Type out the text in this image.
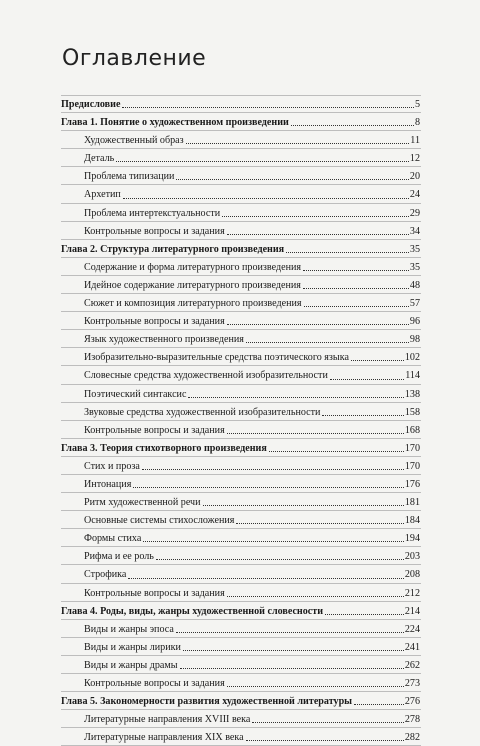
Оглавление
Предисловие	5
Глава 1. Понятие о художественном произведении	8
Художественный образ	11
Деталь	12
Проблема типизации	20
Архетип	24
Проблема интертекстуальности	29
Контрольные вопросы и задания	34
Глава 2. Структура литературного произведения	35
Содержание и форма литературного произведения	35
Идейное содержание литературного произведения	48
Сюжет и композиция литературного произведения	57
Контрольные вопросы и задания	96
Язык художественного произведения	98
Изобразительно-выразительные средства поэтического языка	102
Словесные средства художественной изобразительности	114
Поэтический синтаксис	138
Звуковые средства художественной изобразительности	158
Контрольные вопросы и задания	168
Глава 3. Теория стихотворного произведения	170
Стих и проза	170
Интонация	176
Ритм художественной речи	181
Основные системы стихосложения	184
Формы стиха	194
Рифма и ее роль	203
Строфика	208
Контрольные вопросы и задания	212
Глава 4. Роды, виды, жанры художественной словесности	214
Виды и жанры эпоса	224
Виды и жанры лирики	241
Виды и жанры драмы	262
Контрольные вопросы и задания	273
Глава 5. Закономерности развития художественной литературы	276
Литературные направления XVIII века	278
Литературные направления XIX века	282
